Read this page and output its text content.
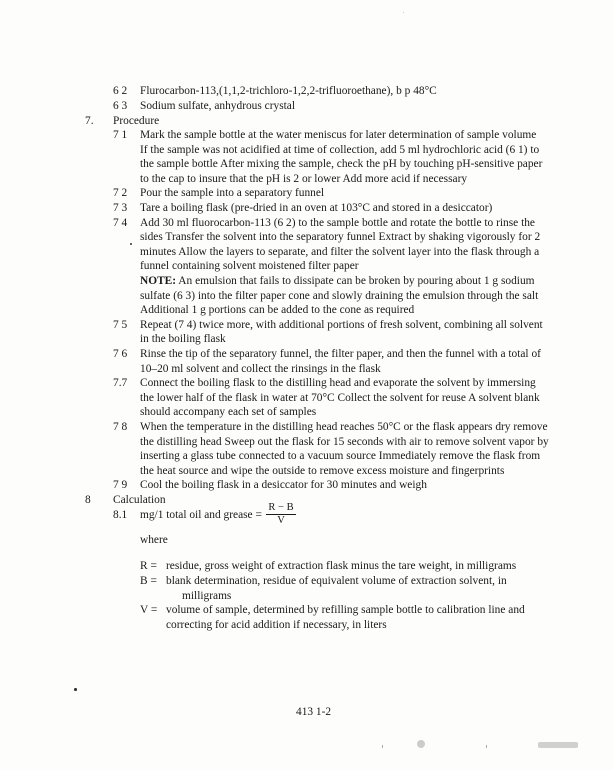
6 2 Flurocarbon-113,(1,1,2-trichloro-1,2,2-trifluoroethane), b p 48°C
6 3 Sodium sulfate, anhydrous crystal
7. Procedure
7 1 Mark the sample bottle at the water meniscus for later determination of sample volume
If the sample was not acidified at time of collection, add 5 ml hydrochloric acid (6 1) to
the sample bottle After mixing the sample, check the pH by touching pH-sensitive paper
to the cap to insure that the pH is 2 or lower Add more acid if necessary
7 2 Pour the sample into a separatory funnel
7 3 Tare a boiling flask (pre-dried in an oven at 103°C and stored in a desiccator)
7 4 Add 30 ml fluorocarbon-113 (6 2) to the sample bottle and rotate the bottle to rinse the
sides Transfer the solvent into the separatory funnel Extract by shaking vigorously for 2
minutes Allow the layers to separate, and filter the solvent layer into the flask through a
funnel containing solvent moistened filter paper
NOTE: An emulsion that fails to dissipate can be broken by pouring about 1 g sodium
sulfate (6 3) into the filter paper cone and slowly draining the emulsion through the salt
Additional 1 g portions can be added to the cone as required
7 5 Repeat (7 4) twice more, with additional portions of fresh solvent, combining all solvent
in the boiling flask
7 6 Rinse the tip of the separatory funnel, the filter paper, and then the funnel with a total of
10–20 ml solvent and collect the rinsings in the flask
7.7 Connect the boiling flask to the distilling head and evaporate the solvent by immersing
the lower half of the flask in water at 70°C Collect the solvent for reuse A solvent blank
should accompany each set of samples
7 8 When the temperature in the distilling head reaches 50°C or the flask appears dry remove
the distilling head Sweep out the flask for 15 seconds with air to remove solvent vapor by
inserting a glass tube connected to a vacuum source Immediately remove the flask from
the heat source and wipe the outside to remove excess moisture and fingerprints
7 9 Cool the boiling flask in a desiccator for 30 minutes and weigh
8 Calculation
8.1 mg/1 total oil and grease =
R − B
V
where
R = residue, gross weight of extraction flask minus the tare weight, in milligrams
B = blank determination, residue of equivalent volume of extraction solvent, in
milligrams
V = volume of sample, determined by refilling sample bottle to calibration line and
correcting for acid addition if necessary, in liters
413 1-2
